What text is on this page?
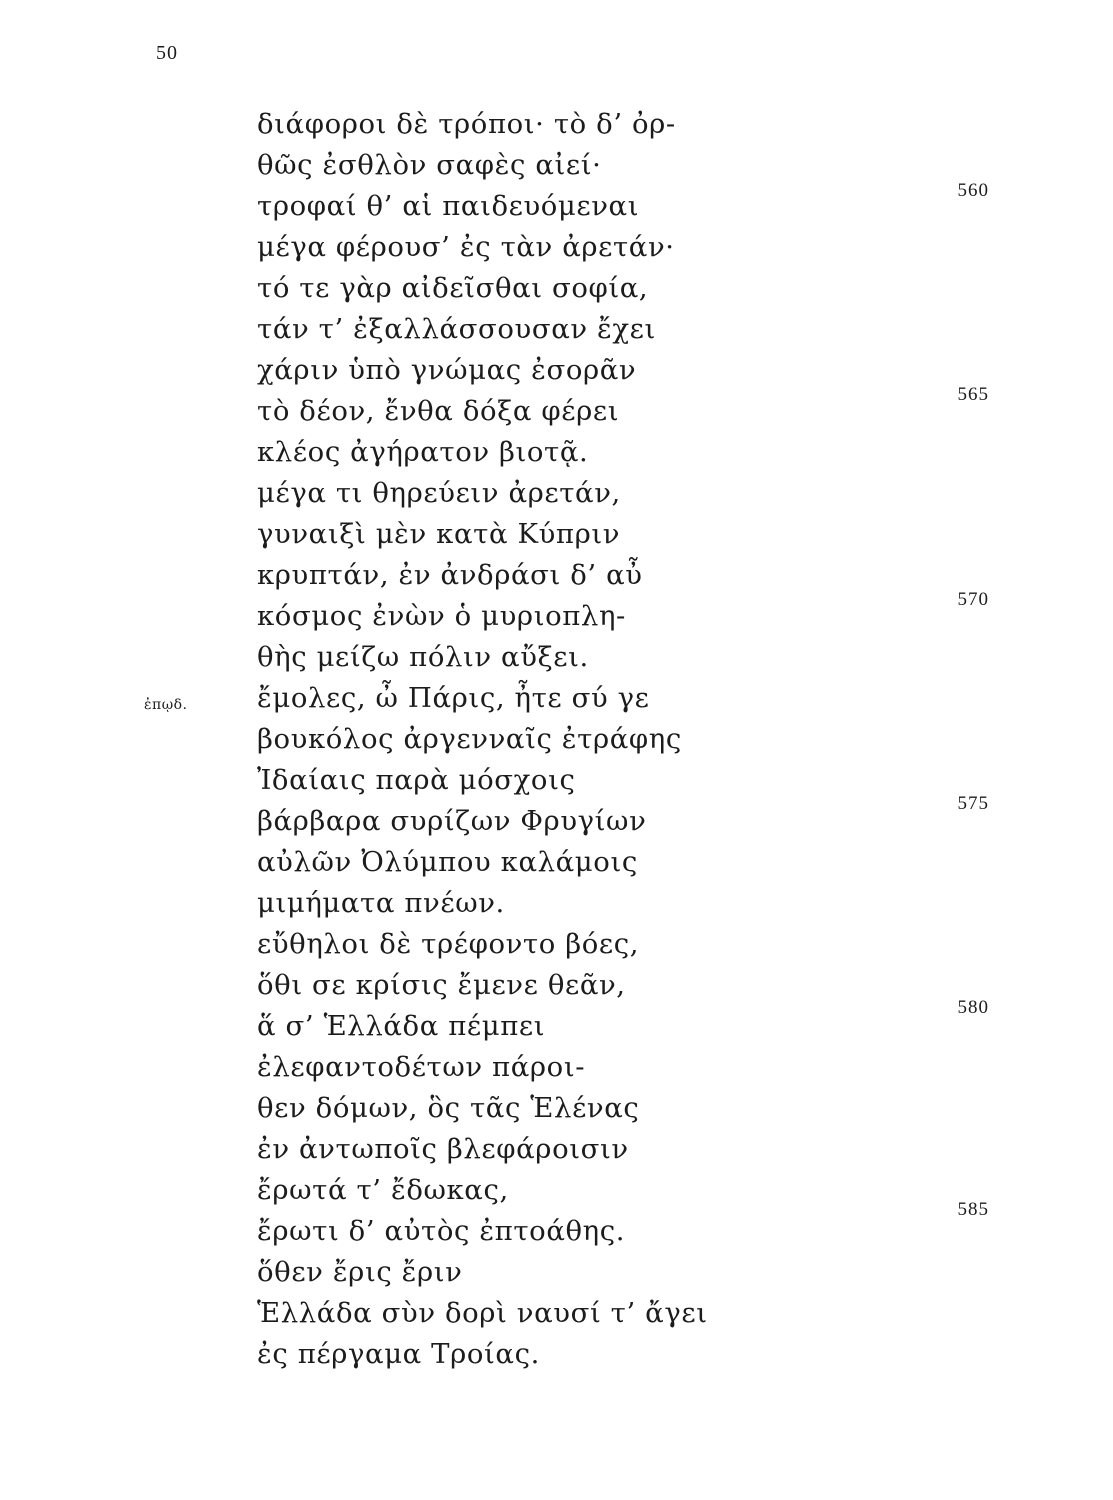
50
ἐπῳδ.
διάφοροι δὲ τρόποι· τὸ δ’ ὀρ-
θῶς ἐσθλὸν σαφὲς αἰεί·
τροφαί θ’ αἱ παιδευόμεναι
μέγα φέρουσ’ ἐς τὰν ἀρετάν·
τό τε γὰρ αἰδεῖσθαι σοφία,
τάν τ’ ἐξαλλάσσουσαν ἔχει
χάριν ὑπὸ γνώμας ἐσορᾶν
τὸ δέον, ἔνθα δόξα φέρει
κλέος ἀγήρατον βιοτᾷ.
μέγα τι θηρεύειν ἀρετάν,
γυναιξὶ μὲν κατὰ Κύπριν
κρυπτάν, ἐν ἀνδράσι δ’ αὖ
κόσμος ἐνὼν ὁ μυριοπλη-
θὴς μείζω πόλιν αὔξει.
ἔμολες, ὦ Πάρις, ἦτε σύ γε
βουκόλος ἀργενναῖς ἐτράφης
Ἰδαίαις παρὰ μόσχοις
βάρβαρα συρίζων Φρυγίων
αὐλῶν Ὀλύμπου καλάμοις
μιμήματα πνέων.
εὔθηλοι δὲ τρέφοντο βόες,
ὅθι σε κρίσις ἔμενε θεᾶν,
ἅ σ’ Ἑλλάδα πέμπει
ἐλεφαντοδέτων πάροι-
θεν δόμων, ὃς τᾶς Ἑλένας
ἐν ἀντωποῖς βλεφάροισιν
ἔρωτά τ’ ἔδωκας,
ἔρωτι δ’ αὐτὸς ἐπτοάθης.
ὅθεν ἔρις ἔριν
Ἑλλάδα σὺν δορὶ ναυσί τ’ ἄγει
ἐς πέργαμα Τροίας.
560
565
570
575
580
585
